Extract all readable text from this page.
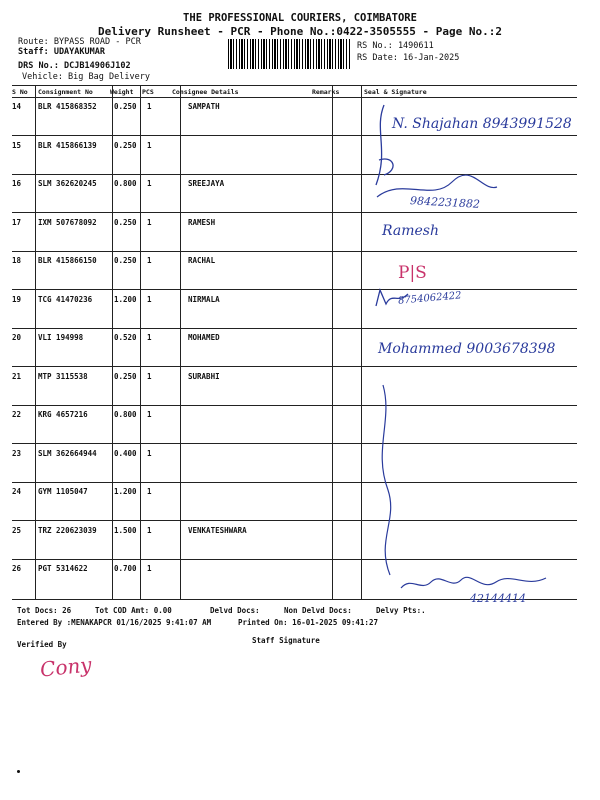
THE PROFESSIONAL COURIERS, COIMBATORE
Delivery Runsheet - PCR - Phone No.:0422-3505555 - Page No.:2
Route: BYPASS ROAD - PCR
Staff: UDAYAKUMAR
DRS No.: DCJB14906J102
Vehicle: Big Bag Delivery
RS No.: 1490611
RS Date: 16-Jan-2025
S No Consignment No	Weight PCS	Consignee Details	Remarks	Seal & Signature
14 BLR 415868352 0.250 1	SAMPATH
15 BLR 415866139 0.250 1
16 SLM 362620245 0.800 1	SREEJAYA
17 IXM 507678092 0.250 1	RAMESH
18 BLR 415866150 0.250 1	RACHAL
19 TCG 41470236	1.200 1	NIRMALA
20 VLI 194998	0.520 1	MOHAMED
21 MTP 3115538	0.250 1	SURABHI
22 KRG 4657216	0.800 1
23 SLM 362664944 0.400 1
24 GYM 1105047	1.200 1
25 TRZ 220623039 1.500 1	VENKATESHWARA
26 PGT 5314622	0.700 1
Tot Docs: 26	Tot COD Amt: 0.00	Delvd Docs:	Non Delvd Docs:	Delvy Pts:.
Entered By :MENAKAPCR 01/16/2025 9:41:07 AM	Printed On: 16-01-2025 09:41:27
Verified By	Staff Signature
N. Shajahan 8943991528
9842231882
Ramesh
P|S
8754062422
Mohammed 9003678398
42144414
Cony
